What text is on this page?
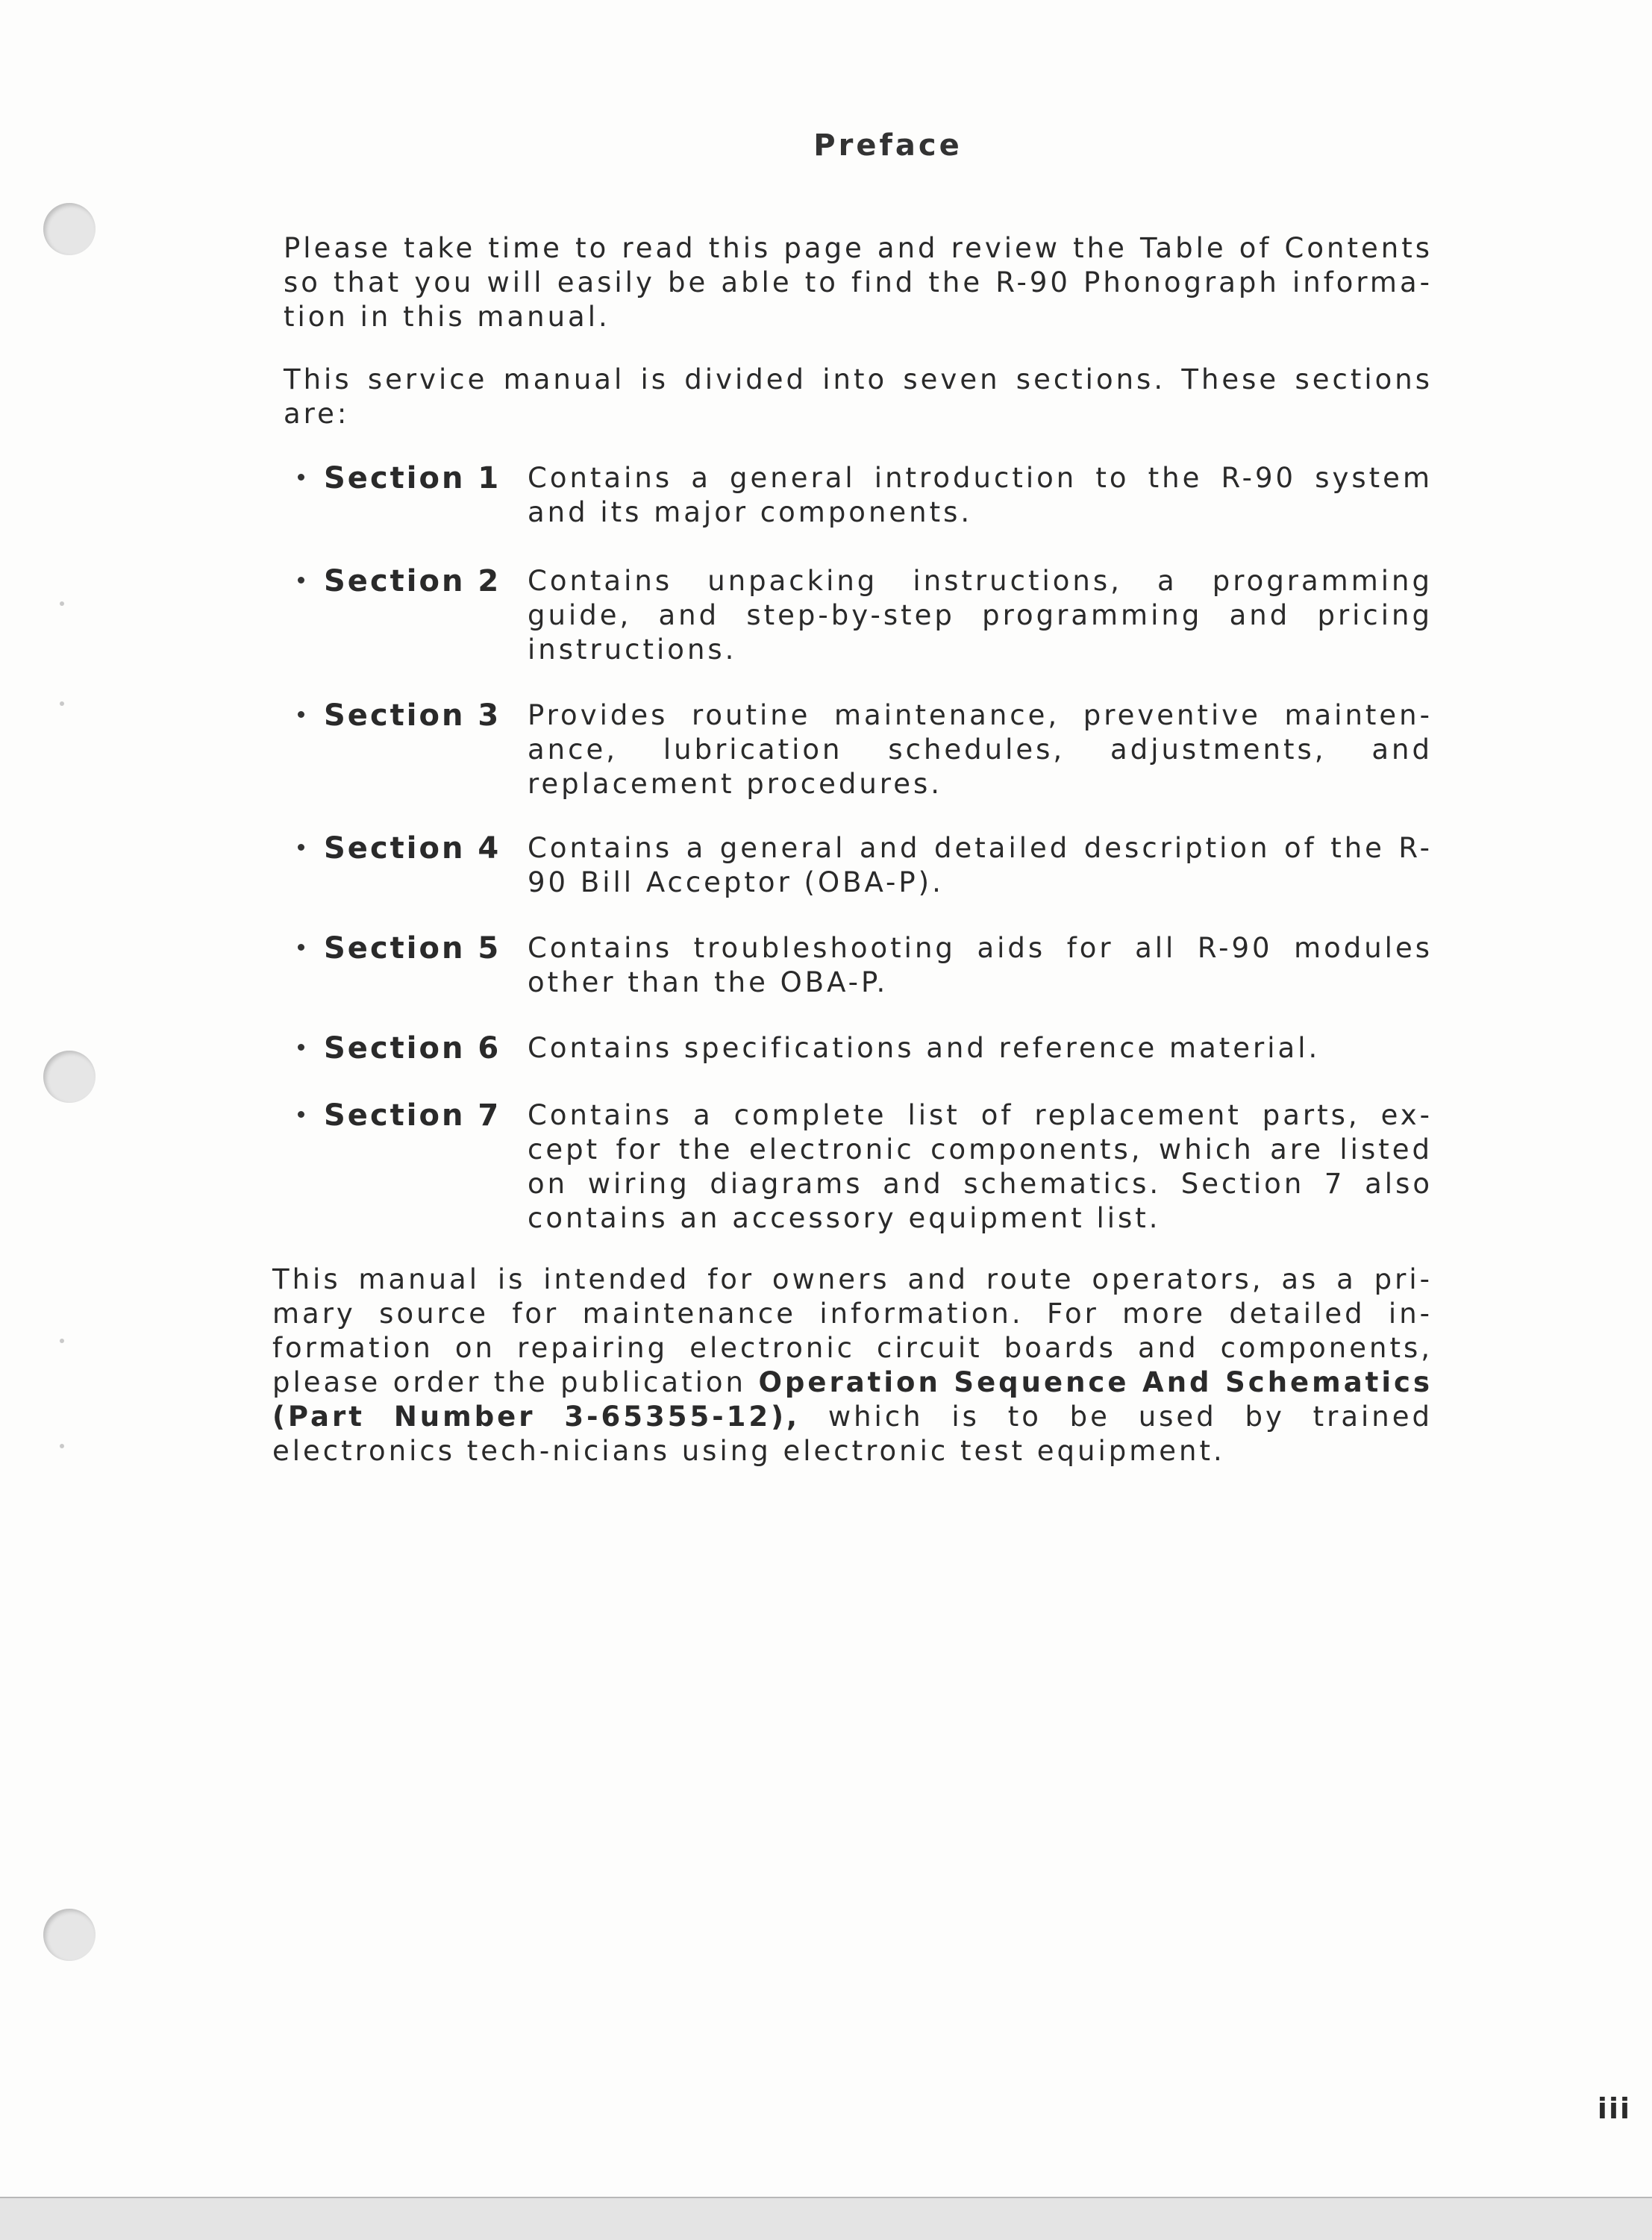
Preface

Please take time to read this page and review the Table of Contents so that you will easily be able to find the R-90 Phonograph informa-tion in this manual.

This service manual is divided into seven sections. These sections are:

Section 1 Contains a general introduction to the R-90 system and its major components.

Section 2 Contains unpacking instructions, a programming guide, and step-by-step programming and pricing instructions.

Section 3 Provides routine maintenance, preventive mainten-ance, lubrication schedules, adjustments, and replacement procedures.

Section 4 Contains a general and detailed description of the R-90 Bill Acceptor (OBA-P).

Section 5 Contains troubleshooting aids for all R-90 modules other than the OBA-P.

Section 6 Contains specifications and reference material.

Section 7 Contains a complete list of replacement parts, ex-cept for the electronic components, which are listed on wiring diagrams and schematics. Section 7 also contains an accessory equipment list.

This manual is intended for owners and route operators, as a pri-mary source for maintenance information. For more detailed in-formation on repairing electronic circuit boards and components, please order the publication Operation Sequence And Schematics (Part Number 3-65355-12), which is to be used by trained electronics tech-nicians using electronic test equipment.

iii
